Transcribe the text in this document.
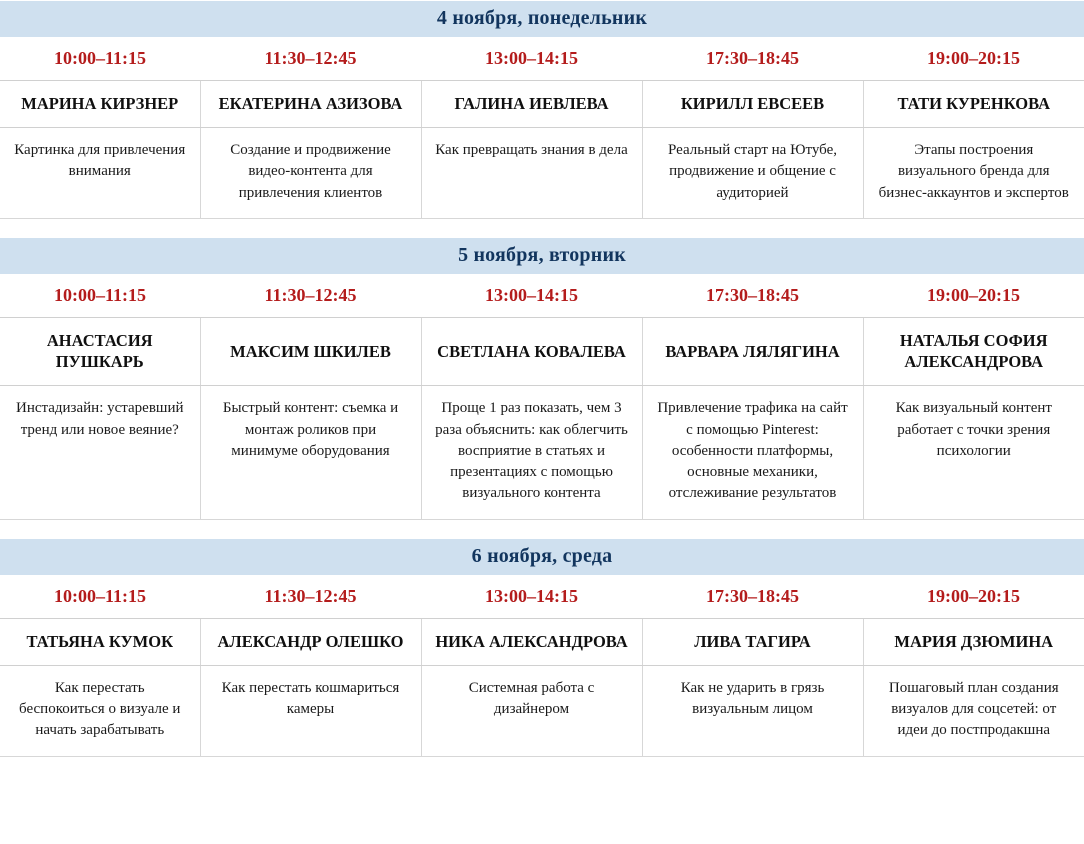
4 ноября, понедельник
10:00–11:15	11:30–12:45	13:00–14:15	17:30–18:45	19:00–20:15
МАРИНА КИРЗНЕР	ЕКАТЕРИНА АЗИЗОВА	ГАЛИНА ИЕВЛЕВА	КИРИЛЛ ЕВСЕЕВ	ТАТИ КУРЕНКОВА
Картинка для привлечения внимания	Создание и продвижение видео-контента для привлечения клиентов	Как превращать знания в дела	Реальный старт на Ютубе, продвижение и общение с аудиторией	Этапы построения визуального бренда для бизнес-аккаунтов и экспертов
5 ноября, вторник
10:00–11:15	11:30–12:45	13:00–14:15	17:30–18:45	19:00–20:15
АНАСТАСИЯ ПУШКАРЬ	МАКСИМ ШКИЛЕВ	СВЕТЛАНА КОВАЛЕВА	ВАРВАРА ЛЯЛЯГИНА	НАТАЛЬЯ СОФИЯ АЛЕКСАНДРОВА
Инстадизайн: устаревший тренд или новое веяние?	Быстрый контент: съемка и монтаж роликов при минимуме оборудования	Проще 1 раз показать, чем 3 раза объяснить: как облегчить восприятие в статьях и презентациях с помощью визуального контента	Привлечение трафика на сайт с помощью Pinterest: особенности платформы, основные механики, отслеживание результатов	Как визуальный контент работает с точки зрения психологии
6 ноября, среда
10:00–11:15	11:30–12:45	13:00–14:15	17:30–18:45	19:00–20:15
ТАТЬЯНА КУМОК	АЛЕКСАНДР ОЛЕШКО	НИКА АЛЕКСАНДРОВА	ЛИВА ТАГИРА	МАРИЯ ДЗЮМИНА
Как перестать беспокоиться о визуале и начать зарабатывать	Как перестать кошмариться камеры	Системная работа с дизайнером	Как не ударить в грязь визуальным лицом	Пошаговый план создания визуалов для соцсетей: от идеи до постпродакшна
